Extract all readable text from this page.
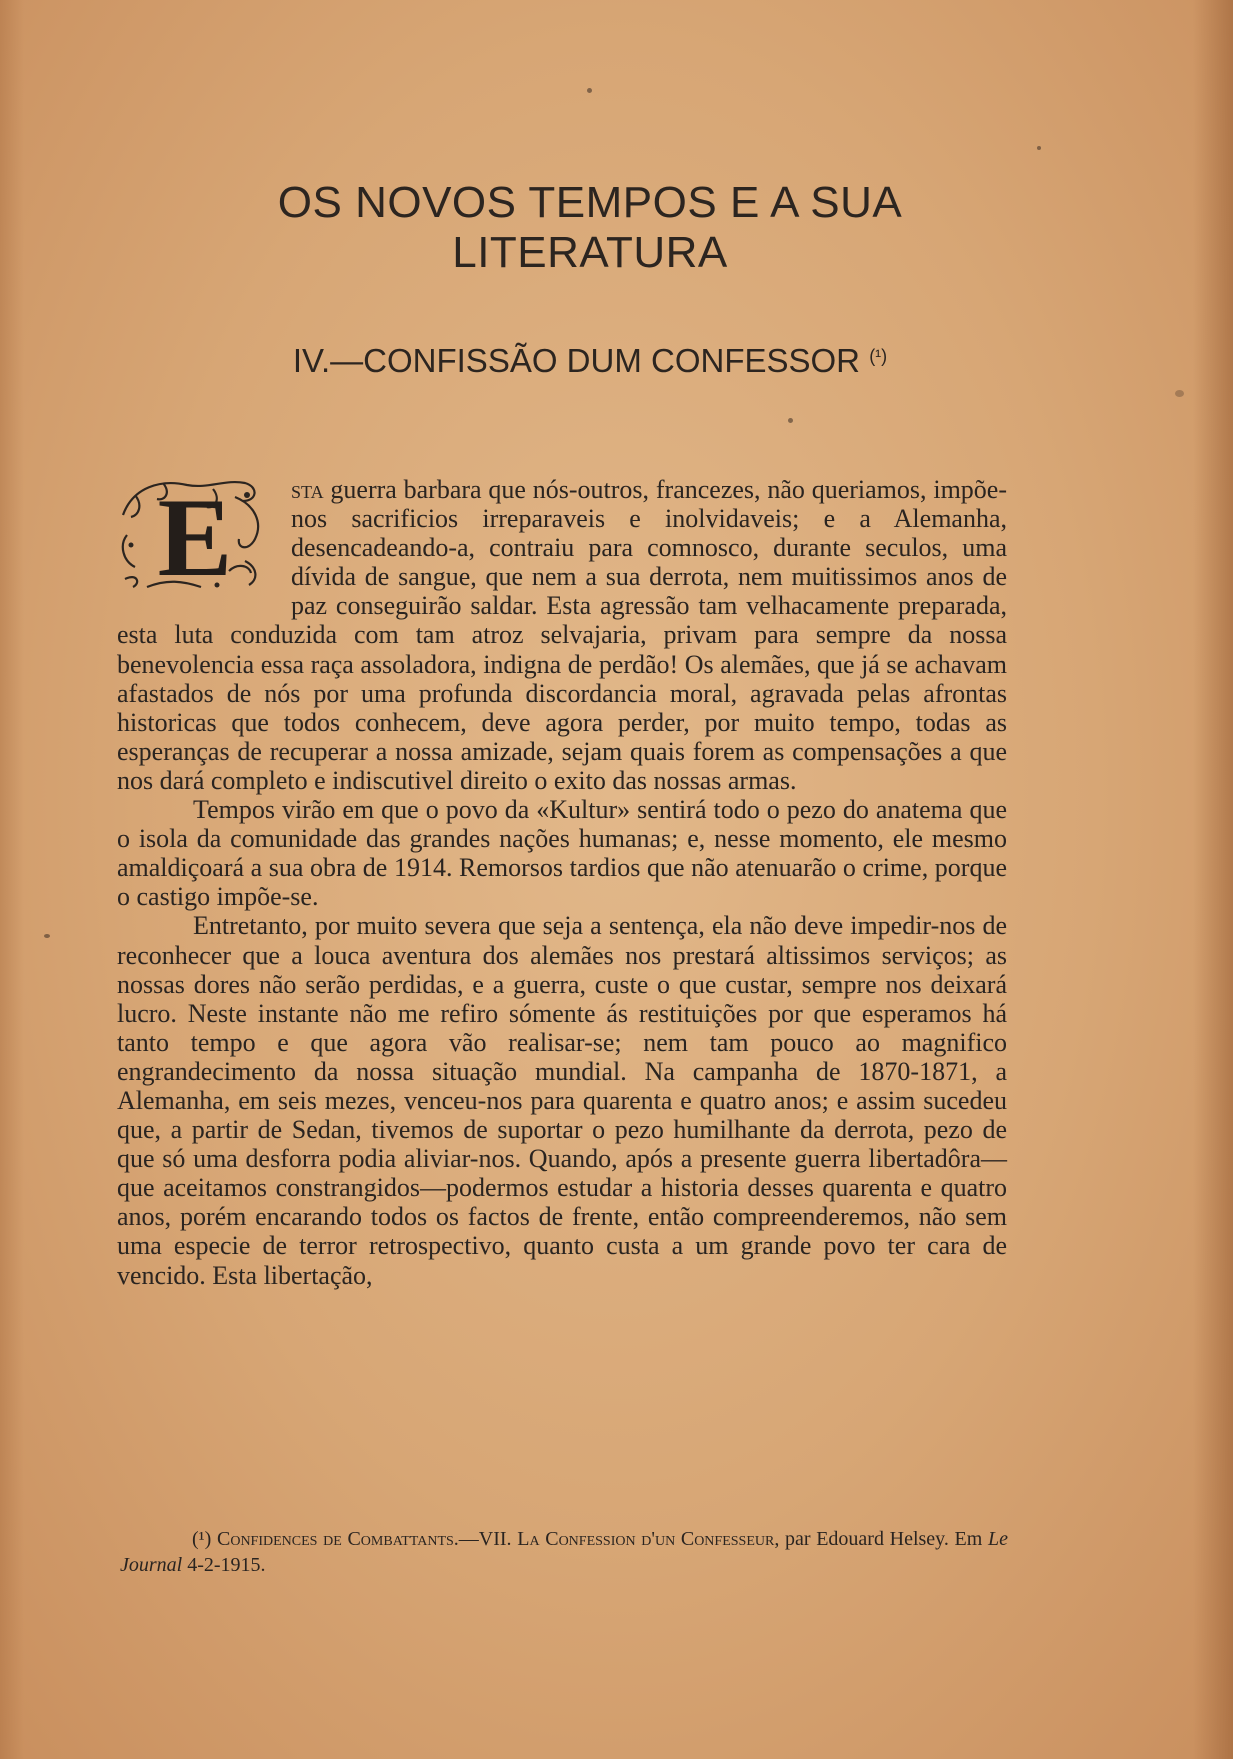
OS NOVOS TEMPOS E A SUA
LITERATURA
IV.—CONFISSÃO DUM CONFESSOR $^{(^1)}$

E sta guerra barbara que nós-outros, francezes, não queriamos, impõe-nos sacrificios irreparaveis e inolvidaveis; e a Alemanha, desencadeando-a, contraiu para comnosco, durante seculos, uma dívida de sangue, que nem a sua derrota, nem muitissimos anos de paz conseguirão saldar. Esta agressão tam velhacamente preparada, esta luta conduzida com tam atroz selvajaria, privam para sempre da nossa benevolencia essa raça assoladora, indigna de perdão! Os alemães, que já se achavam afastados de nós por uma profunda discordancia moral, agravada pelas afrontas historicas que todos conhecem, deve agora perder, por muito tempo, todas as esperanças de recuperar a nossa amizade, sejam quais forem as compensações a que nos dará completo e indiscutivel direito o exito das nossas armas.

Tempos virão em que o povo da «Kultur» sentirá todo o pezo do anatema que o isola da comunidade das grandes nações humanas; e, nesse momento, ele mesmo amaldiçoará a sua obra de 1914. Remorsos tardios que não atenuarão o crime, porque o castigo impõe-se.

Entretanto, por muito severa que seja a sentença, ela não deve impedir-nos de reconhecer que a louca aventura dos alemães nos prestará altissimos serviços; as nossas dores não serão perdidas, e a guerra, custe o que custar, sempre nos deixará lucro. Neste instante não me refiro sómente ás restituições por que esperamos há tanto tempo e que agora vão realisar-se; nem tam pouco ao magnifico engrandecimento da nossa situação mundial. Na campanha de 1870-1871, a Alemanha, em seis mezes, venceu-nos para quarenta e quatro anos; e assim sucedeu que, a partir de Sedan, tivemos de suportar o pezo humilhante da derrota, pezo de que só uma desforra podia aliviar-nos. Quando, após a presente guerra libertadôra—que aceitamos constrangidos—podermos estudar a historia desses quarenta e quatro anos, porém encarando todos os factos de frente, então compreenderemos, não sem uma especie de terror retrospectivo, quanto custa a um grande povo ter cara de vencido. Esta libertação,

(¹) Confidences de Combattants.—VII. La Confession d'un Confesseur, par Edouard Helsey. Em Le Journal 4-2-1915.
